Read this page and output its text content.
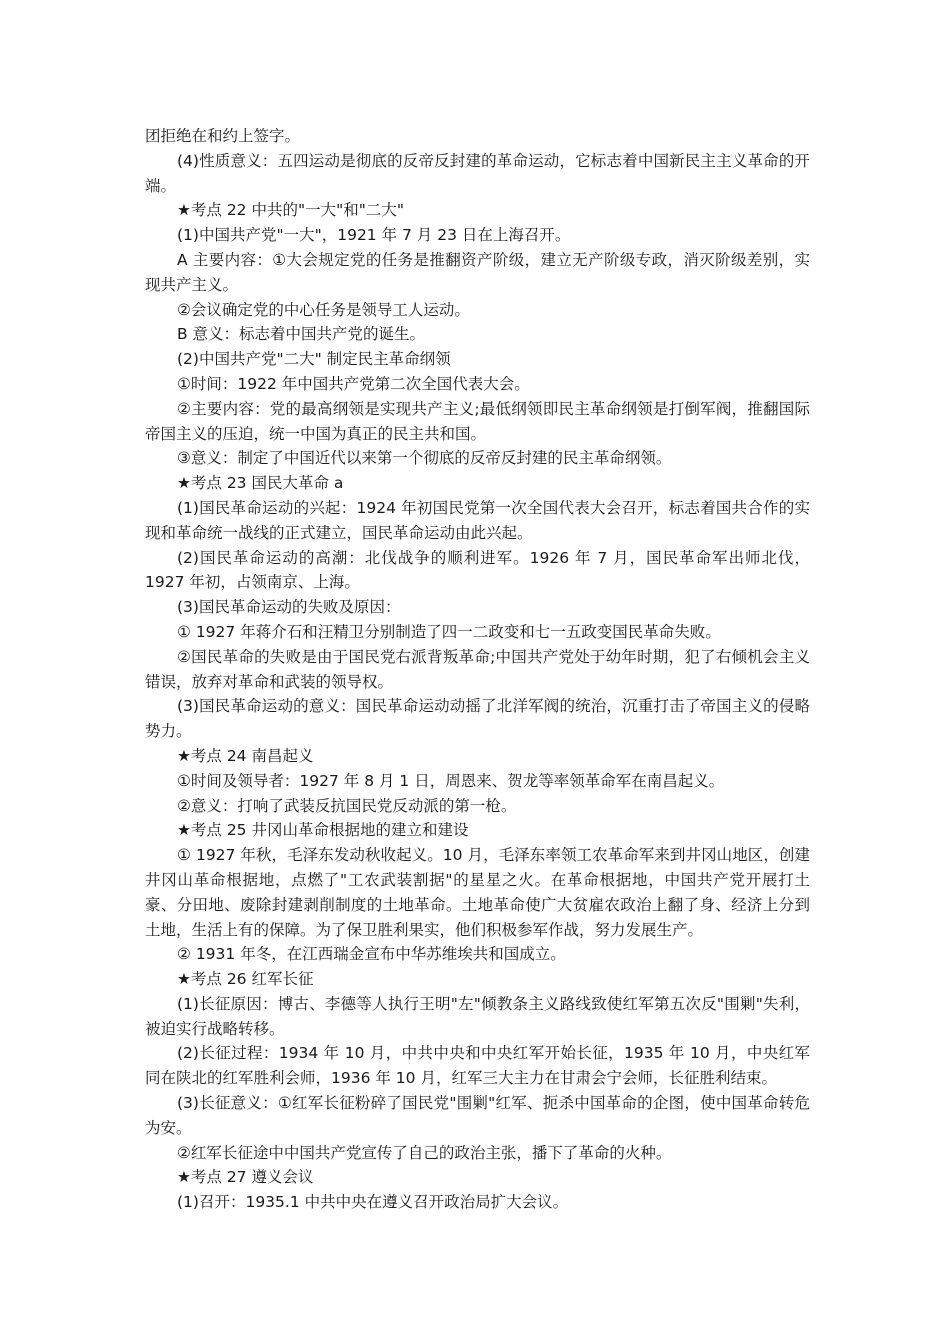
团拒绝在和约上签字。

(4)性质意义：五四运动是彻底的反帝反封建的革命运动，它标志着中国新民主主义革命的开端。

★考点 22 中共的"一大"和"二大"

(1)中国共产党"一大"，1921 年 7 月 23 日在上海召开。

A 主要内容：①大会规定党的任务是推翻资产阶级，建立无产阶级专政，消灭阶级差别，实现共产主义。

②会议确定党的中心任务是领导工人运动。

B 意义：标志着中国共产党的诞生。

(2)中国共产党"二大" 制定民主革命纲领

①时间：1922 年中国共产党第二次全国代表大会。

②主要内容：党的最高纲领是实现共产主义;最低纲领即民主革命纲领是打倒军阀，推翻国际帝国主义的压迫，统一中国为真正的民主共和国。

③意义：制定了中国近代以来第一个彻底的反帝反封建的民主革命纲领。

★考点 23 国民大革命 a

(1)国民革命运动的兴起：1924 年初国民党第一次全国代表大会召开，标志着国共合作的实现和革命统一战线的正式建立，国民革命运动由此兴起。

(2)国民革命运动的高潮：北伐战争的顺利进军。1926 年 7 月，国民革命军出师北伐，1927 年初，占领南京、上海。

(3)国民革命运动的失败及原因：

① 1927 年蒋介石和汪精卫分别制造了四一二政变和七一五政变国民革命失败。

②国民革命的失败是由于国民党右派背叛革命;中国共产党处于幼年时期，犯了右倾机会主义错误，放弃对革命和武装的领导权。

(3)国民革命运动的意义：国民革命运动动摇了北洋军阀的统治，沉重打击了帝国主义的侵略势力。

★考点 24 南昌起义

①时间及领导者：1927 年 8 月 1 日，周恩来、贺龙等率领革命军在南昌起义。

②意义：打响了武装反抗国民党反动派的第一枪。

★考点 25 井冈山革命根据地的建立和建设

① 1927 年秋，毛泽东发动秋收起义。10 月，毛泽东率领工农革命军来到井冈山地区，创建井冈山革命根据地，点燃了"工农武装割据"的星星之火。在革命根据地，中国共产党开展打土豪、分田地、废除封建剥削制度的土地革命。土地革命使广大贫雇农政治上翻了身、经济上分到土地，生活上有的保障。为了保卫胜利果实，他们积极参军作战，努力发展生产。

② 1931 年冬，在江西瑞金宣布中华苏维埃共和国成立。

★考点 26 红军长征

(1)长征原因：博古、李德等人执行王明"左"倾教条主义路线致使红军第五次反"围剿"失利，被迫实行战略转移。

(2)长征过程：1934 年 10 月，中共中央和中央红军开始长征，1935 年 10 月，中央红军同在陕北的红军胜利会师，1936 年 10 月，红军三大主力在甘肃会宁会师，长征胜利结束。

(3)长征意义：①红军长征粉碎了国民党"围剿"红军、扼杀中国革命的企图，使中国革命转危为安。

②红军长征途中中国共产党宣传了自己的政治主张，播下了革命的火种。

★考点 27 遵义会议

(1)召开：1935.1 中共中央在遵义召开政治局扩大会议。
